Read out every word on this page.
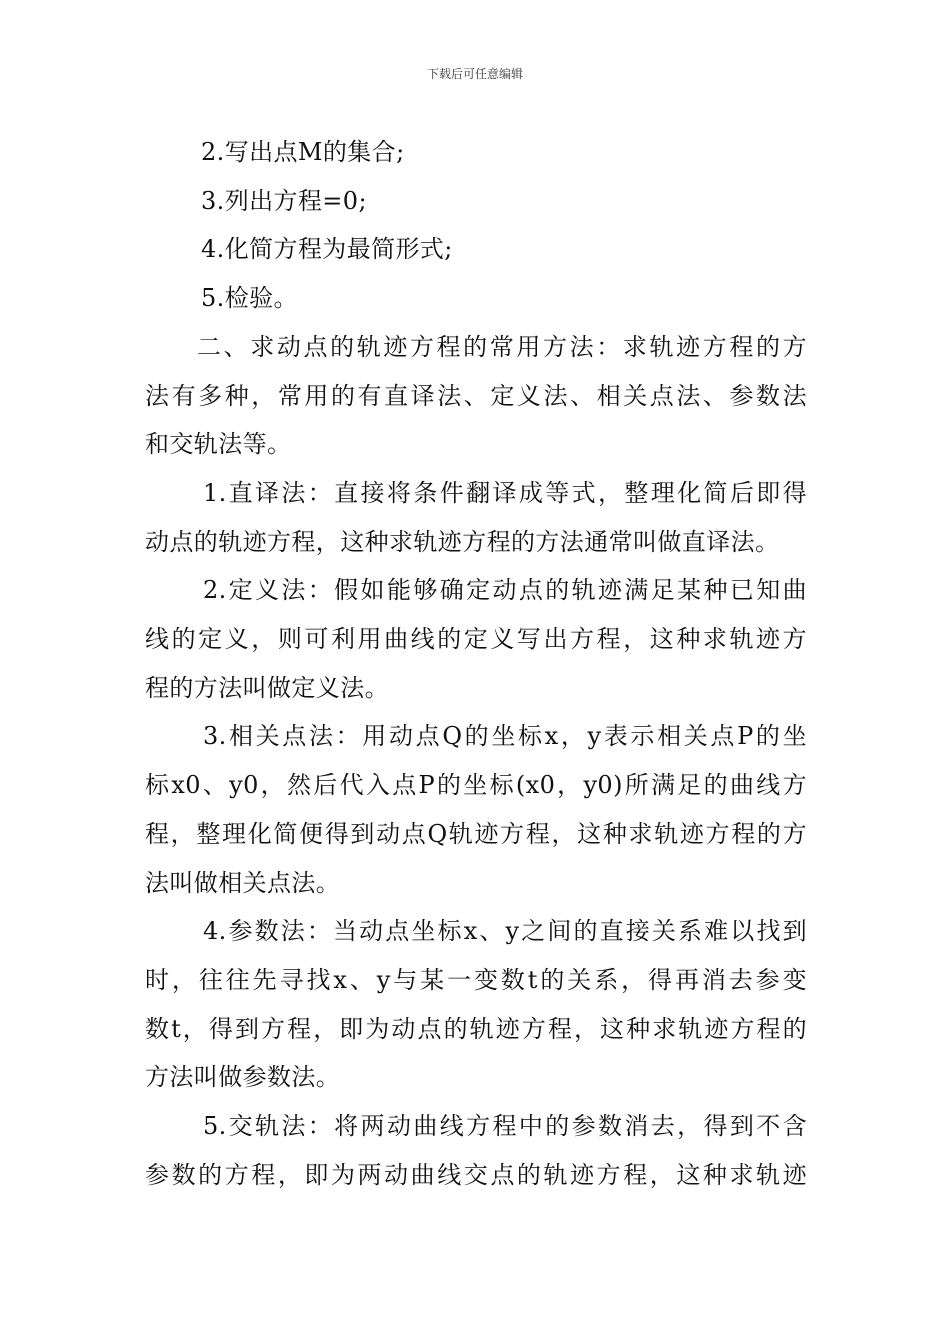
下载后可任意编辑
2.写出点M的集合;
3.列出方程=0;
4.化简方程为最简形式;
5.检验。
二、求动点的轨迹方程的常用方法：求轨迹方程的方
法有多种，常用的有直译法、定义法、相关点法、参数法
和交轨法等。
1.直译法：直接将条件翻译成等式，整理化简后即得
动点的轨迹方程，这种求轨迹方程的方法通常叫做直译法。
2.定义法：假如能够确定动点的轨迹满足某种已知曲
线的定义，则可利用曲线的定义写出方程，这种求轨迹方
程的方法叫做定义法。
3.相关点法：用动点Q的坐标x，y表示相关点P的坐
标x0、y0，然后代入点P的坐标(x0，y0)所满足的曲线方
程，整理化简便得到动点Q轨迹方程，这种求轨迹方程的方
法叫做相关点法。
4.参数法：当动点坐标x、y之间的直接关系难以找到
时，往往先寻找x、y与某一变数t的关系，得再消去参变
数t，得到方程，即为动点的轨迹方程，这种求轨迹方程的
方法叫做参数法。
5.交轨法：将两动曲线方程中的参数消去，得到不含
参数的方程，即为两动曲线交点的轨迹方程，这种求轨迹
